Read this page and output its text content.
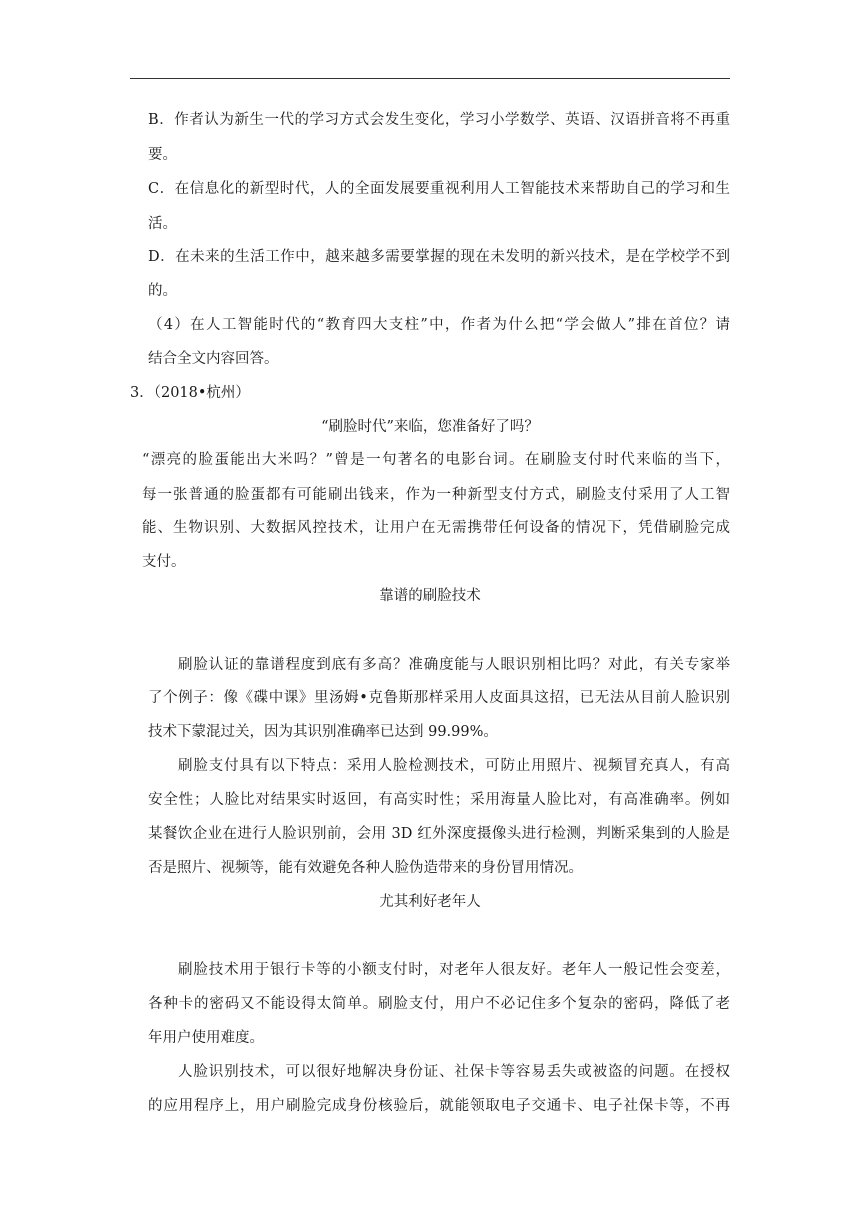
B．作者认为新生一代的学习方式会发生变化，学习小学数学、英语、汉语拼音将不再重
要。
C．在信息化的新型时代，人的全面发展要重视利用人工智能技术来帮助自己的学习和生
活。
D．在未来的生活工作中，越来越多需要掌握的现在未发明的新兴技术，是在学校学不到
的。
（4）在人工智能时代的“教育四大支柱”中，作者为什么把“学会做人”排在首位？请
结合全文内容回答。
3．（2018•杭州）
“刷脸时代”来临，您准备好了吗？
“漂亮的脸蛋能出大米吗？”曾是一句著名的电影台词。在刷脸支付时代来临的当下，
每一张普通的脸蛋都有可能刷出钱来，作为一种新型支付方式，刷脸支付采用了人工智
能、生物识别、大数据风控技术，让用户在无需携带任何设备的情况下，凭借刷脸完成
支付。
靠谱的刷脸技术
刷脸认证的靠谱程度到底有多高？准确度能与人眼识别相比吗？对此，有关专家举
了个例子：像《碟中课》里汤姆•克鲁斯那样采用人皮面具这招，已无法从目前人脸识别
技术下蒙混过关，因为其识别准确率已达到 99.99%。
刷脸支付具有以下特点：采用人脸检测技术，可防止用照片、视频冒充真人，有高
安全性；人脸比对结果实时返回，有高实时性；采用海量人脸比对，有高准确率。例如
某餐饮企业在进行人脸识别前，会用 3D 红外深度摄像头进行检测，判断采集到的人脸是
否是照片、视频等，能有效避免各种人脸伪造带来的身份冒用情况。
尤其利好老年人
刷脸技术用于银行卡等的小额支付时，对老年人很友好。老年人一般记性会变差，
各种卡的密码又不能设得太简单。刷脸支付，用户不必记住多个复杂的密码，降低了老
年用户使用难度。
人脸识别技术，可以很好地解决身份证、社保卡等容易丢失或被盗的问题。在授权
的应用程序上，用户刷脸完成身份核验后，就能领取电子交通卡、电子社保卡等，不再
